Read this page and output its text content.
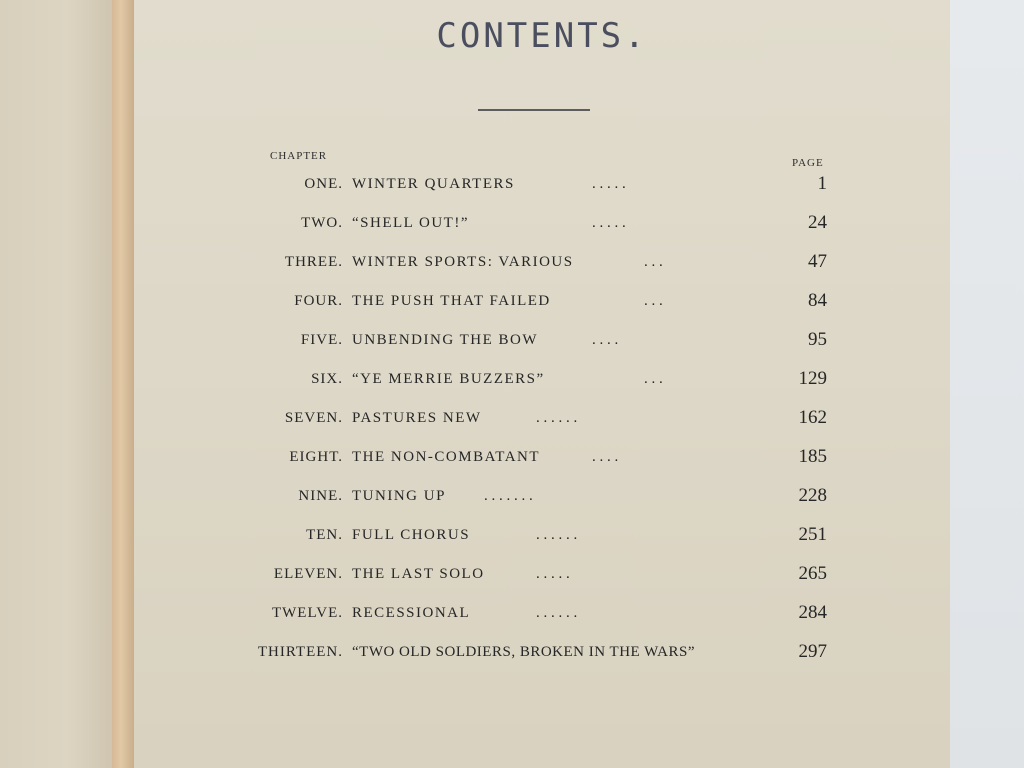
CONTENTS.
CHAPTER
PAGE
ONE. WINTER QUARTERS	. . . . .	1
TWO. “SHELL OUT!”	. . . . .	24
THREE. WINTER SPORTS: VARIOUS	. . .	47
FOUR. THE PUSH THAT FAILED	. . .	84
FIVE. UNBENDING THE BOW	. . . .	95
SIX. “YE MERRIE BUZZERS”	. . .	129
SEVEN. PASTURES NEW	. . . . . .	162
EIGHT. THE NON-COMBATANT	. . . .	185
NINE. TUNING UP	. . . . . . .	228
TEN. FULL CHORUS	. . . . . .	251
ELEVEN. THE LAST SOLO	. . . . .	265
TWELVE. RECESSIONAL	. . . . . .	284
THIRTEEN. “TWO OLD SOLDIERS, BROKEN IN THE WARS”	297
